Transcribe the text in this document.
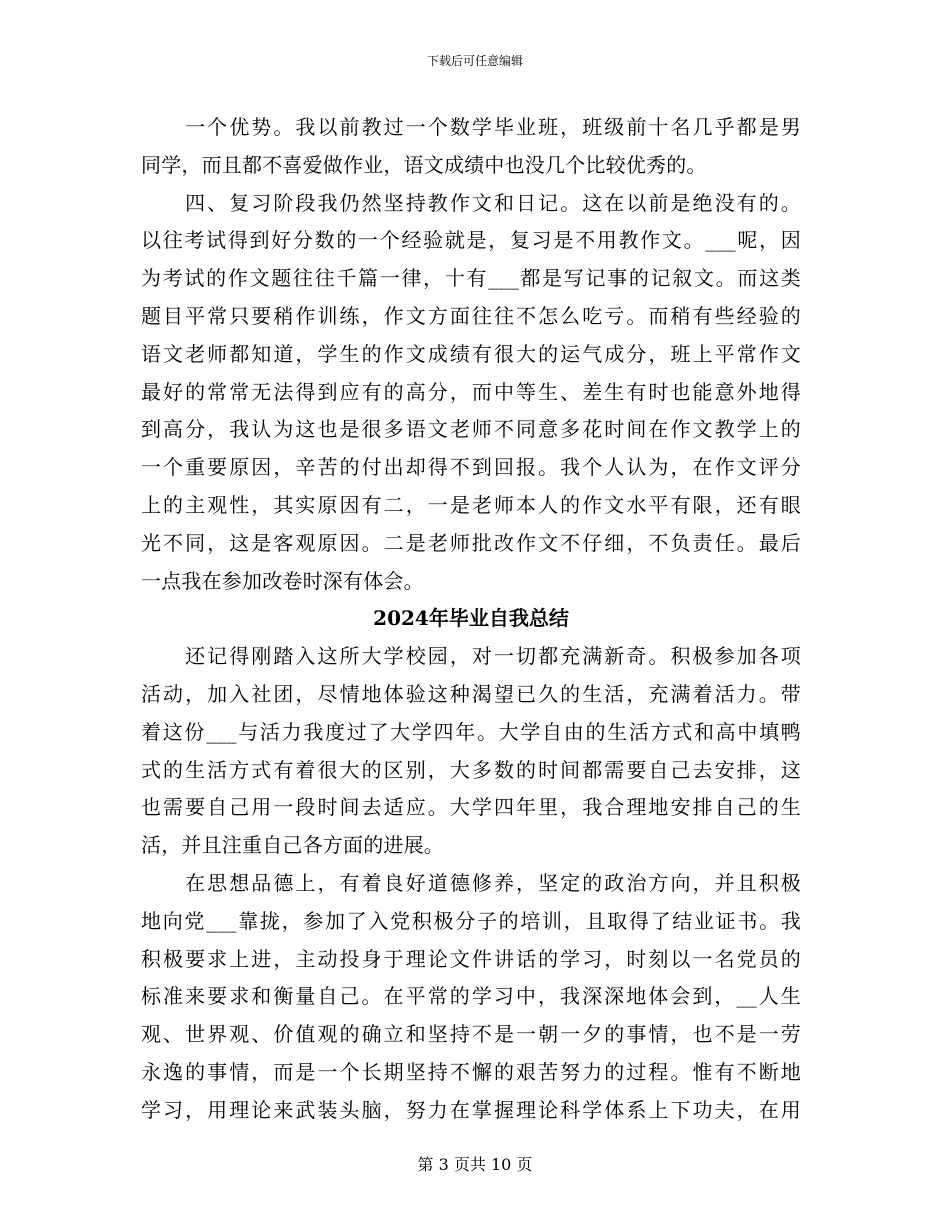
下载后可任意编辑
　　一个优势。我以前教过一个数学毕业班，班级前十名几乎都是男
同学，而且都不喜爱做作业，语文成绩中也没几个比较优秀的。
　　四、复习阶段我仍然坚持教作文和日记。这在以前是绝没有的。
以往考试得到好分数的一个经验就是，复习是不用教作文。___呢，因
为考试的作文题往往千篇一律，十有___都是写记事的记叙文。而这类
题目平常只要稍作训练，作文方面往往不怎么吃亏。而稍有些经验的
语文老师都知道，学生的作文成绩有很大的运气成分，班上平常作文
最好的常常无法得到应有的高分，而中等生、差生有时也能意外地得
到高分，我认为这也是很多语文老师不同意多花时间在作文教学上的
一个重要原因，辛苦的付出却得不到回报。我个人认为，在作文评分
上的主观性，其实原因有二，一是老师本人的作文水平有限，还有眼
光不同，这是客观原因。二是老师批改作文不仔细，不负责任。最后
一点我在参加改卷时深有体会。
2024年毕业自我总结
　　还记得刚踏入这所大学校园，对一切都充满新奇。积极参加各项
活动，加入社团，尽情地体验这种渴望已久的生活，充满着活力。带
着这份___与活力我度过了大学四年。大学自由的生活方式和高中填鸭
式的生活方式有着很大的区别，大多数的时间都需要自己去安排，这
也需要自己用一段时间去适应。大学四年里，我合理地安排自己的生
活，并且注重自己各方面的进展。
　　在思想品德上，有着良好道德修养，坚定的政治方向，并且积极
地向党___靠拢，参加了入党积极分子的培训，且取得了结业证书。我
积极要求上进，主动投身于理论文件讲话的学习，时刻以一名党员的
标准来要求和衡量自己。在平常的学习中，我深深地体会到，__人生
观、世界观、价值观的确立和坚持不是一朝一夕的事情，也不是一劳
永逸的事情，而是一个长期坚持不懈的艰苦努力的过程。惟有不断地
学习，用理论来武装头脑，努力在掌握理论科学体系上下功夫，在用
第 3 页共 10 页
